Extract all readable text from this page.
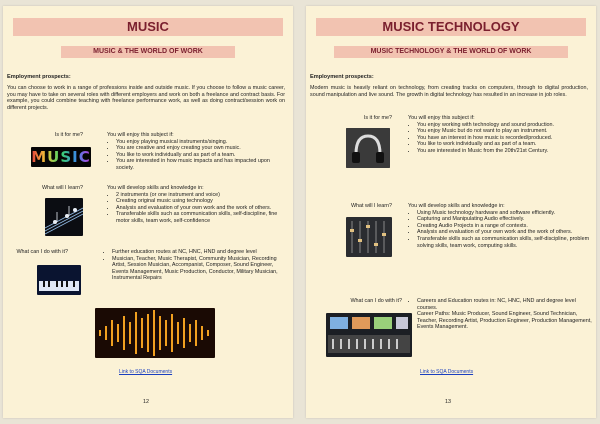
MUSIC
MUSIC & THE WORLD OF WORK
Employment prospects:
You can choose to work in a range of professions inside and outside music. If you choose to follow a music career, you may have to take on several roles with different employers and work on both a freelance and contract basis. For example, you could combine teaching with freelance performance work, as well as doing contract/session work on different projects.
Is it for me?	You will enjoy this subject if:
• You enjoy playing musical instruments/singing.
• You are creative and enjoy creating your own music.
• You like to work individually and as part of a team.
• You are interested in how music impacts and has impacted upon society.
MUSIC
What will I learn?	You will develop skills and knowledge in:
• 2 instruments (or one instrument and voice)
• Creating original music using technology
• Analysis and evaluation of your own work and the work of others.
• Transferable skills such as communication skills, self-discipline, fine motor skills, team work, self-confidence
What can I do with it?	• Further education routes at NC, HNC, HND and degree level
• Musician, Teacher, Music Therapist, Community Musician, Recording Artist, Session Musician, Accompanist, Composer, Sound Engineer, Events Management, Music Production, Conductor, Military Musician, Instrumental Repairs
Link to SQA Documents
12
MUSIC TECHNOLOGY
MUSIC TECHNOLOGY & THE WORLD OF WORK
Employment prospects:
Modern music is heavily reliant on technology, from creating tracks on computers, through to digital production, sound manipulation and live sound. The growth in digital technology has resulted in an increase in job roles.
Is it for me?	You will enjoy this subject if:
• You enjoy working with technology and sound production.
• You enjoy Music but do not want to play an instrument.
• You have an interest in how music is recorded/produced.
• You like to work individually and as part of a team.
• You are interested in Music from the 20th/21st Century.
What will I learn?	You will develop skills and knowledge in:
• Using Music technology hardware and software efficiently.
• Capturing and Manipulating Audio effectively.
• Creating Audio Projects in a range of contexts.
• Analysis and evaluation of your own work and the work of others.
• Transferable skills such as communication skills, self-discipline, problem solving skills, team work, computing skills.
What can I do with it?	• Careers and Education routes in: NC, HNC, HND and degree level courses.
• Career Paths: Music Producer, Sound Engineer, Sound Technician, Teacher, Recording Artist, Production Engineer, Production Management, Events Management.
Link to SQA Documents
13
